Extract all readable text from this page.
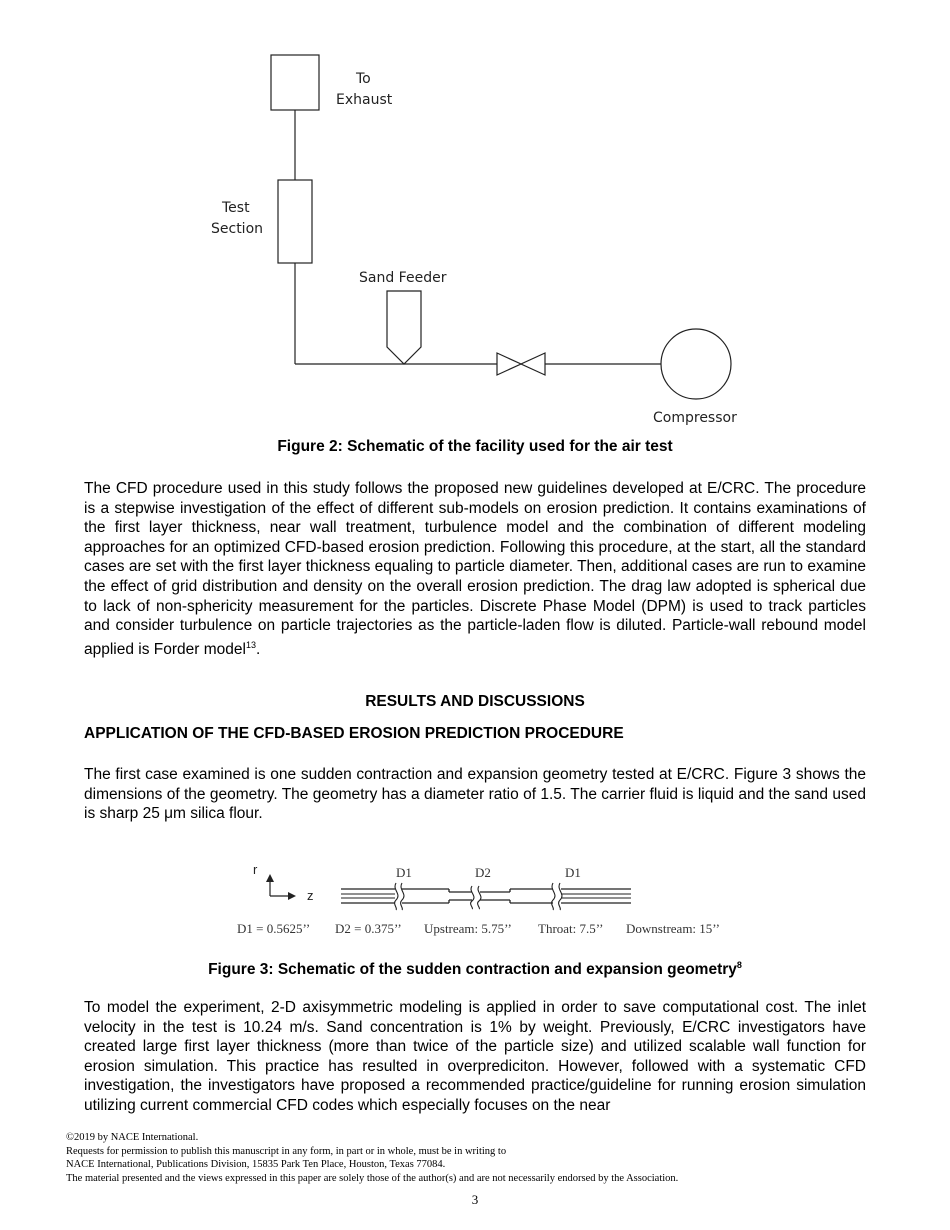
To
Exhaust
Test
Section
Sand Feeder
Compressor
Figure 2: Schematic of the facility used for the air test
The CFD procedure used in this study follows the proposed new guidelines developed at E/CRC. The procedure is a stepwise investigation of the effect of different sub-models on erosion prediction. It contains examinations of the first layer thickness, near wall treatment, turbulence model and the combination of different modeling approaches for an optimized CFD-based erosion prediction. Following this procedure, at the start, all the standard cases are set with the first layer thickness equaling to particle diameter. Then, additional cases are run to examine the effect of grid distribution and density on the overall erosion prediction. The drag law adopted is spherical due to lack of non-sphericity measurement for the particles. Discrete Phase Model (DPM) is used to track particles and consider turbulence on particle trajectories as the particle-laden flow is diluted. Particle-wall rebound model applied is Forder model$^{13}$.
RESULTS AND DISCUSSIONS
APPLICATION OF THE CFD-BASED EROSION PREDICTION PROCEDURE
The first case examined is one sudden contraction and expansion geometry tested at E/CRC. Figure 3 shows the dimensions of the geometry. The geometry has a diameter ratio of 1.5. The carrier fluid is liquid and the sand used is sharp 25 μm silica flour.
r
z
D1	D2	D1
D1 = 0.5625’’ D2 = 0.375’’ Upstream: 5.75’’ Throat: 7.5’’ Downstream: 15’’
Figure 3: Schematic of the sudden contraction and expansion geometry$^8$
To model the experiment, 2-D axisymmetric modeling is applied in order to save computational cost. The inlet velocity in the test is 10.24 m/s. Sand concentration is 1% by weight. Previously, E/CRC investigators have created large first layer thickness (more than twice of the particle size) and utilized scalable wall function for erosion simulation. This practice has resulted in overprediciton. However, followed with a systematic CFD investigation, the investigators have proposed a recommended practice/guideline for running erosion simulation utilizing current commercial CFD codes which especially focuses on the near
©2019 by NACE International.
Requests for permission to publish this manuscript in any form, in part or in whole, must be in writing to
NACE International, Publications Division, 15835 Park Ten Place, Houston, Texas 77084.
The material presented and the views expressed in this paper are solely those of the author(s) and are not necessarily endorsed by the Association.
3
